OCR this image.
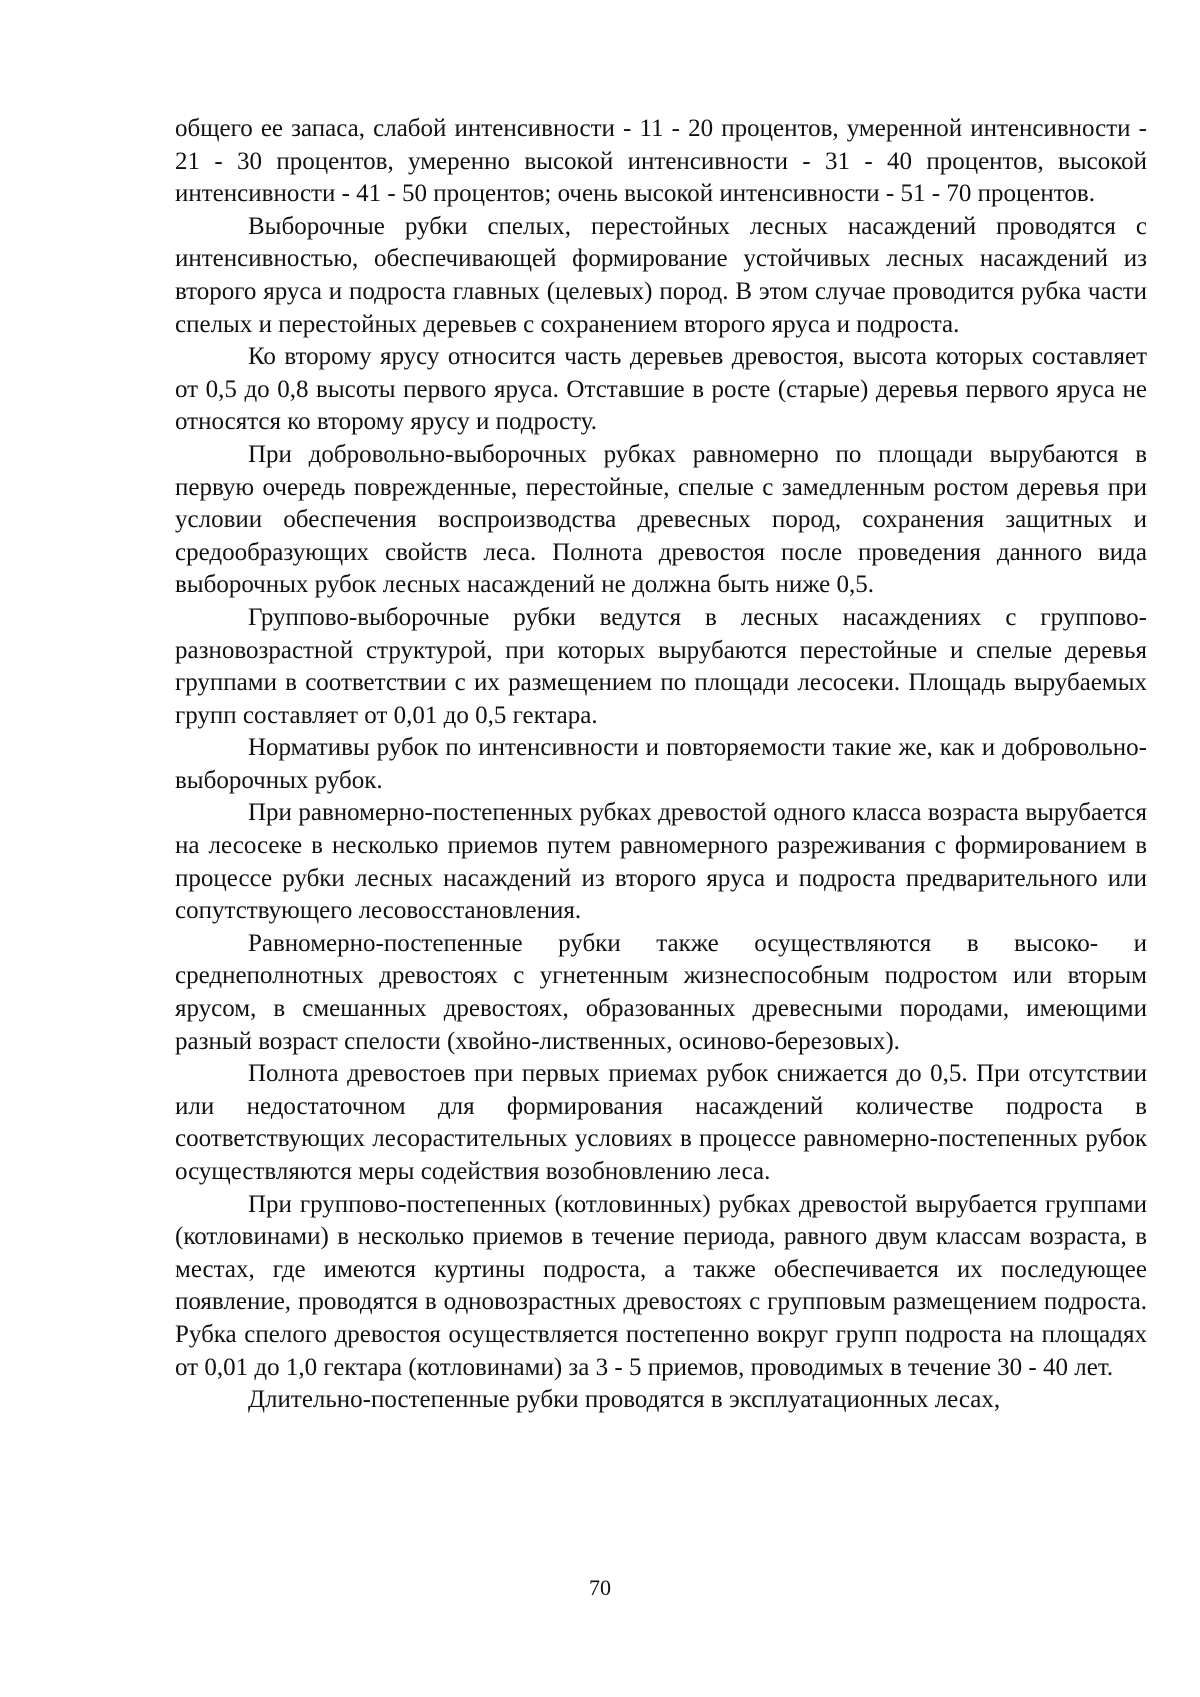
общего ее запаса, слабой интенсивности - 11 - 20 процентов, умеренной интенсивности - 21 - 30 процентов, умеренно высокой интенсивности - 31 - 40 процентов, высокой интенсивности - 41 - 50 процентов; очень высокой интенсивности - 51 - 70 процентов.

Выборочные рубки спелых, перестойных лесных насаждений проводятся с интенсивностью, обеспечивающей формирование устойчивых лесных насаждений из второго яруса и подроста главных (целевых) пород. В этом случае проводится рубка части спелых и перестойных деревьев с сохранением второго яруса и подроста.

Ко второму ярусу относится часть деревьев древостоя, высота которых составляет от 0,5 до 0,8 высоты первого яруса. Отставшие в росте (старые) деревья первого яруса не относятся ко второму ярусу и подросту.

При добровольно-выборочных рубках равномерно по площади вырубаются в первую очередь поврежденные, перестойные, спелые с замедленным ростом деревья при условии обеспечения воспроизводства древесных пород, сохранения защитных и средообразующих свойств леса. Полнота древостоя после проведения данного вида выборочных рубок лесных насаждений не должна быть ниже 0,5.

Группово-выборочные рубки ведутся в лесных насаждениях с группово-разновозрастной структурой, при которых вырубаются перестойные и спелые деревья группами в соответствии с их размещением по площади лесосеки. Площадь вырубаемых групп составляет от 0,01 до 0,5 гектара.

Нормативы рубок по интенсивности и повторяемости такие же, как и добровольно-выборочных рубок.

При равномерно-постепенных рубках древостой одного класса возраста вырубается на лесосеке в несколько приемов путем равномерного разреживания с формированием в процессе рубки лесных насаждений из второго яруса и подроста предварительного или сопутствующего лесовосстановления.

Равномерно-постепенные рубки также осуществляются в высоко- и среднеполнотных древостоях с угнетенным жизнеспособным подростом или вторым ярусом, в смешанных древостоях, образованных древесными породами, имеющими разный возраст спелости (хвойно-лиственных, осиново-березовых).

Полнота древостоев при первых приемах рубок снижается до 0,5. При отсутствии или недостаточном для формирования насаждений количестве подроста в соответствующих лесорастительных условиях в процессе равномерно-постепенных рубок осуществляются меры содействия возобновлению леса.

При группово-постепенных (котловинных) рубках древостой вырубается группами (котловинами) в несколько приемов в течение периода, равного двум классам возраста, в местах, где имеются куртины подроста, а также обеспечивается их последующее появление, проводятся в одновозрастных древостоях с групповым размещением подроста. Рубка спелого древостоя осуществляется постепенно вокруг групп подроста на площадях от 0,01 до 1,0 гектара (котловинами) за 3 - 5 приемов, проводимых в течение 30 - 40 лет.

Длительно-постепенные рубки проводятся в эксплуатационных лесах,

70
